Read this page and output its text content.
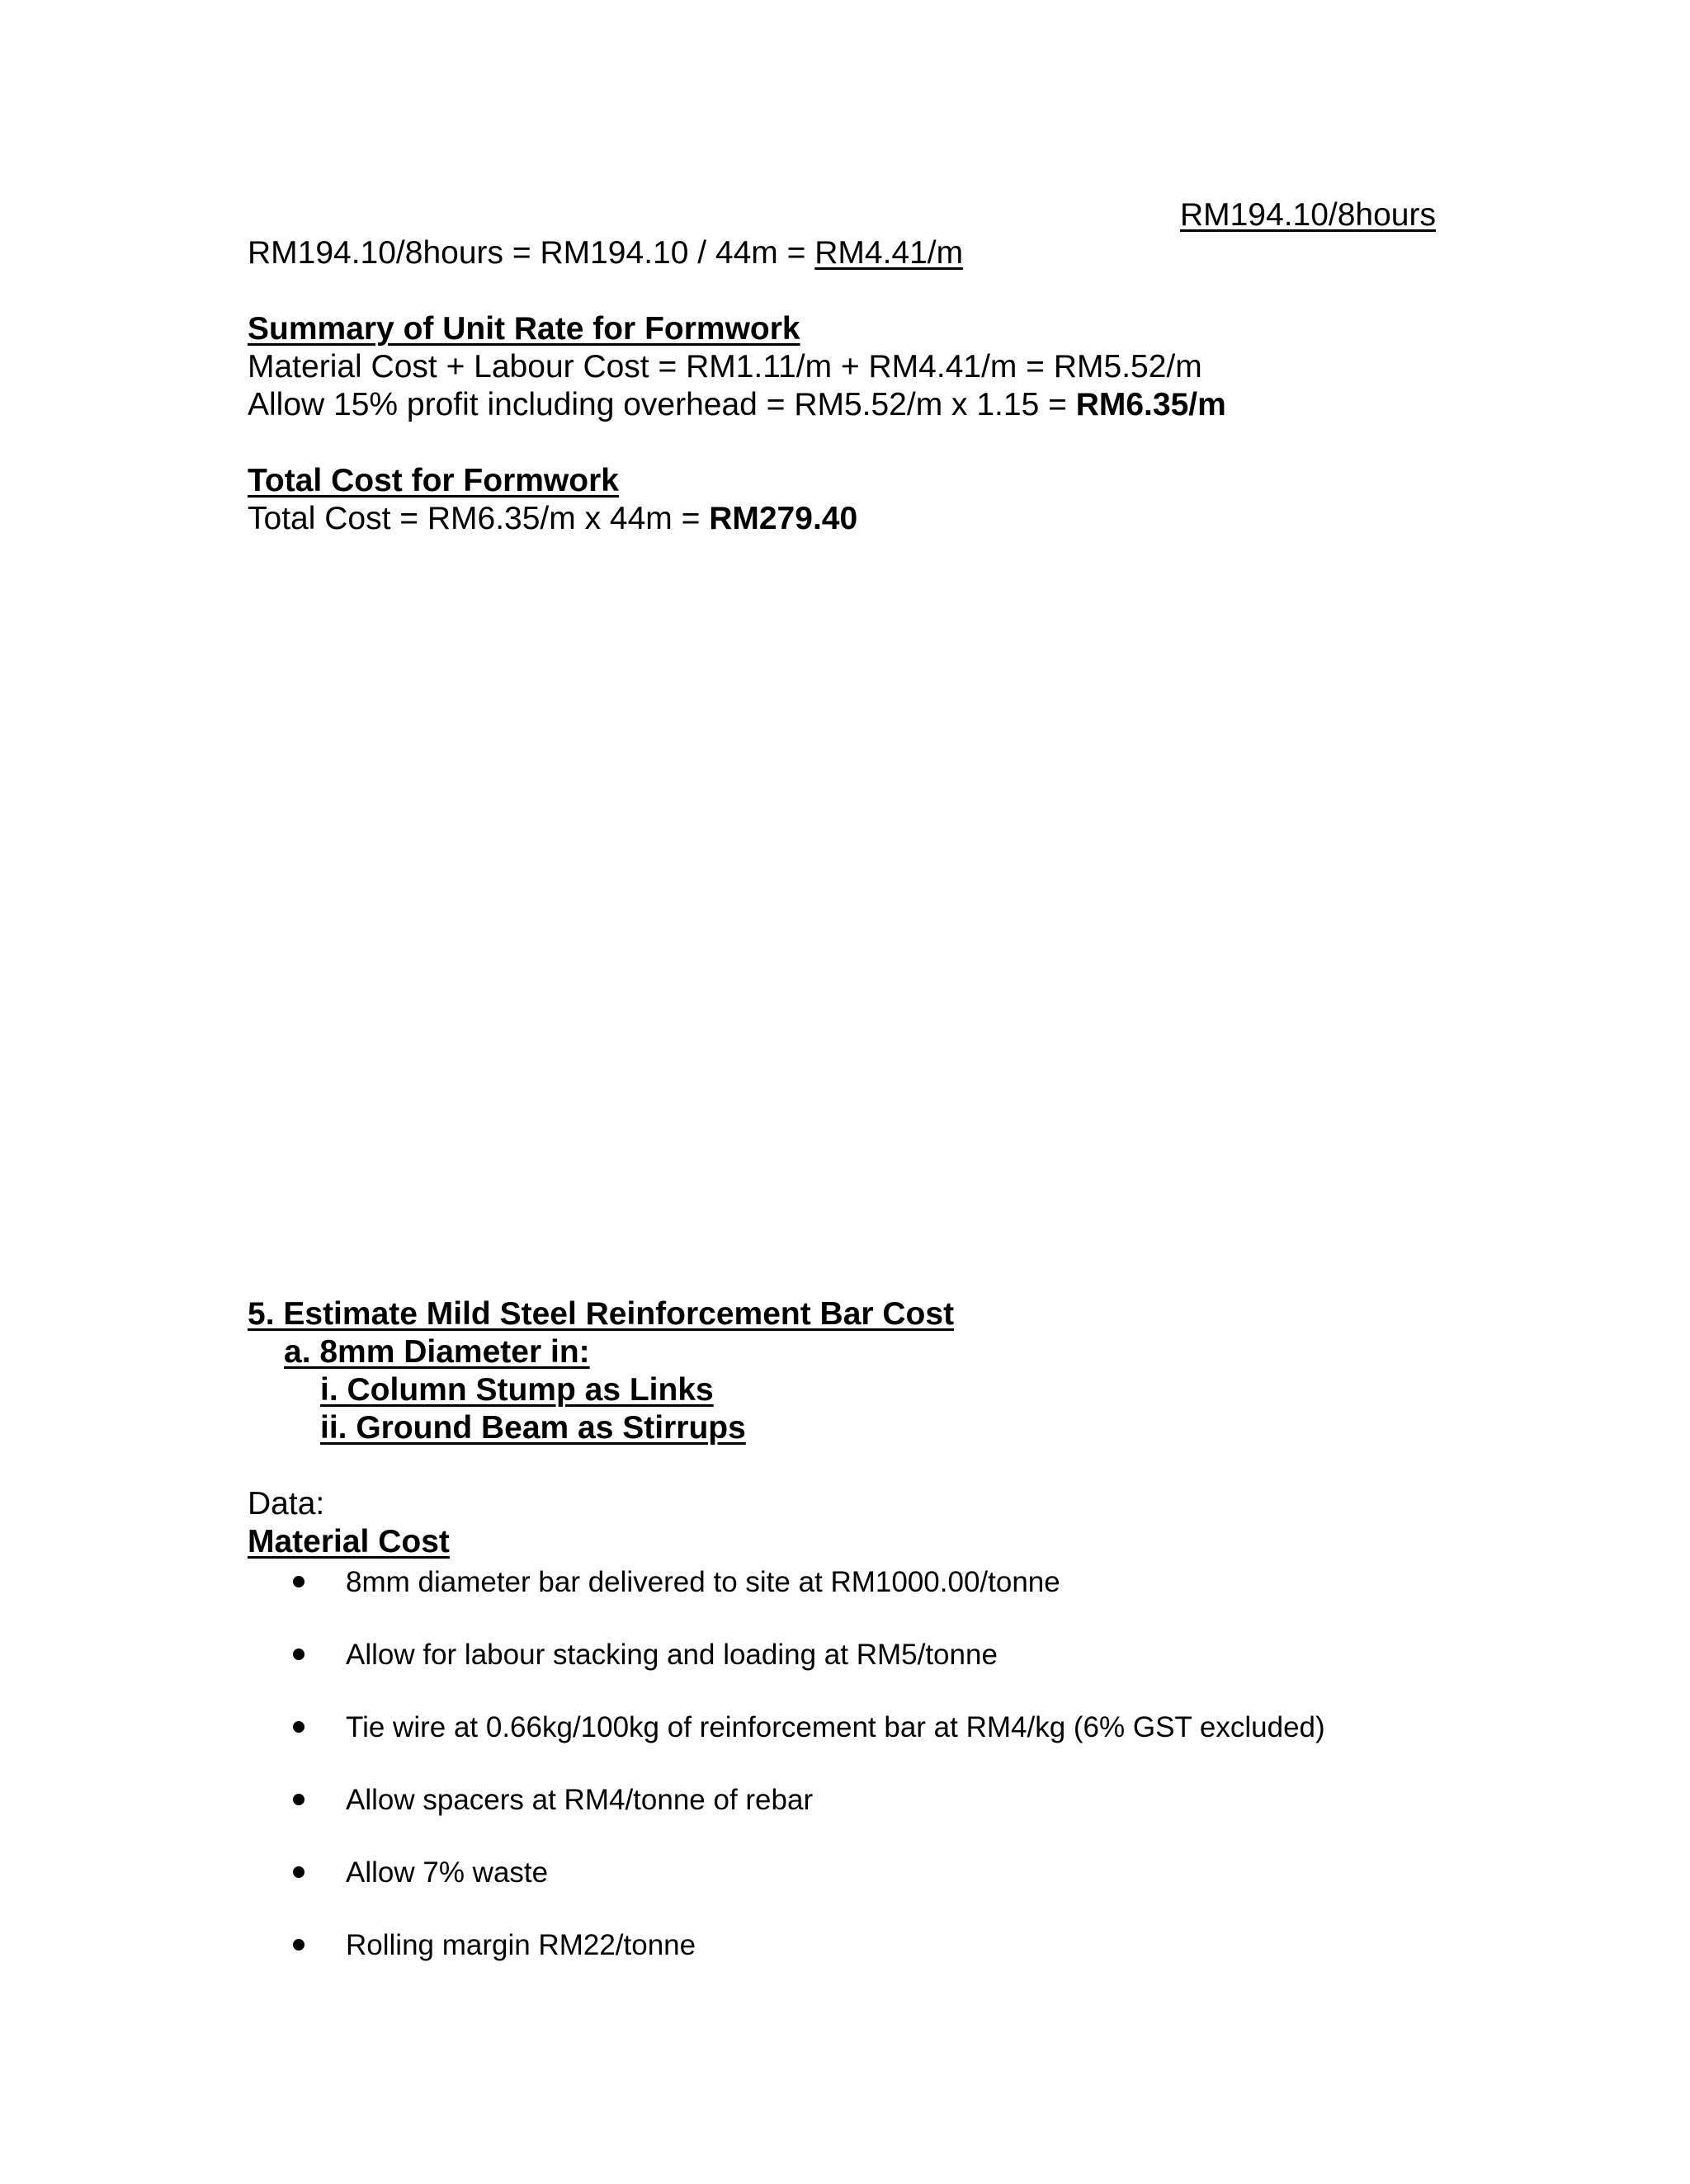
RM194.10/8hours
RM194.10/8hours = RM194.10 / 44m = RM4.41/m
Summary of Unit Rate for Formwork
Material Cost + Labour Cost = RM1.11/m + RM4.41/m = RM5.52/m
Allow 15% profit including overhead = RM5.52/m x 1.15 = RM6.35/m
Total Cost for Formwork
Total Cost = RM6.35/m x 44m = RM279.40
5. Estimate Mild Steel Reinforcement Bar Cost
a. 8mm Diameter in:
i. Column Stump as Links
ii. Ground Beam as Stirrups
Data:
Material Cost
8mm diameter bar delivered to site at RM1000.00/tonne
Allow for labour stacking and loading at RM5/tonne
Tie wire at 0.66kg/100kg of reinforcement bar at RM4/kg (6% GST excluded)
Allow spacers at RM4/tonne of rebar
Allow 7% waste
Rolling margin RM22/tonne
